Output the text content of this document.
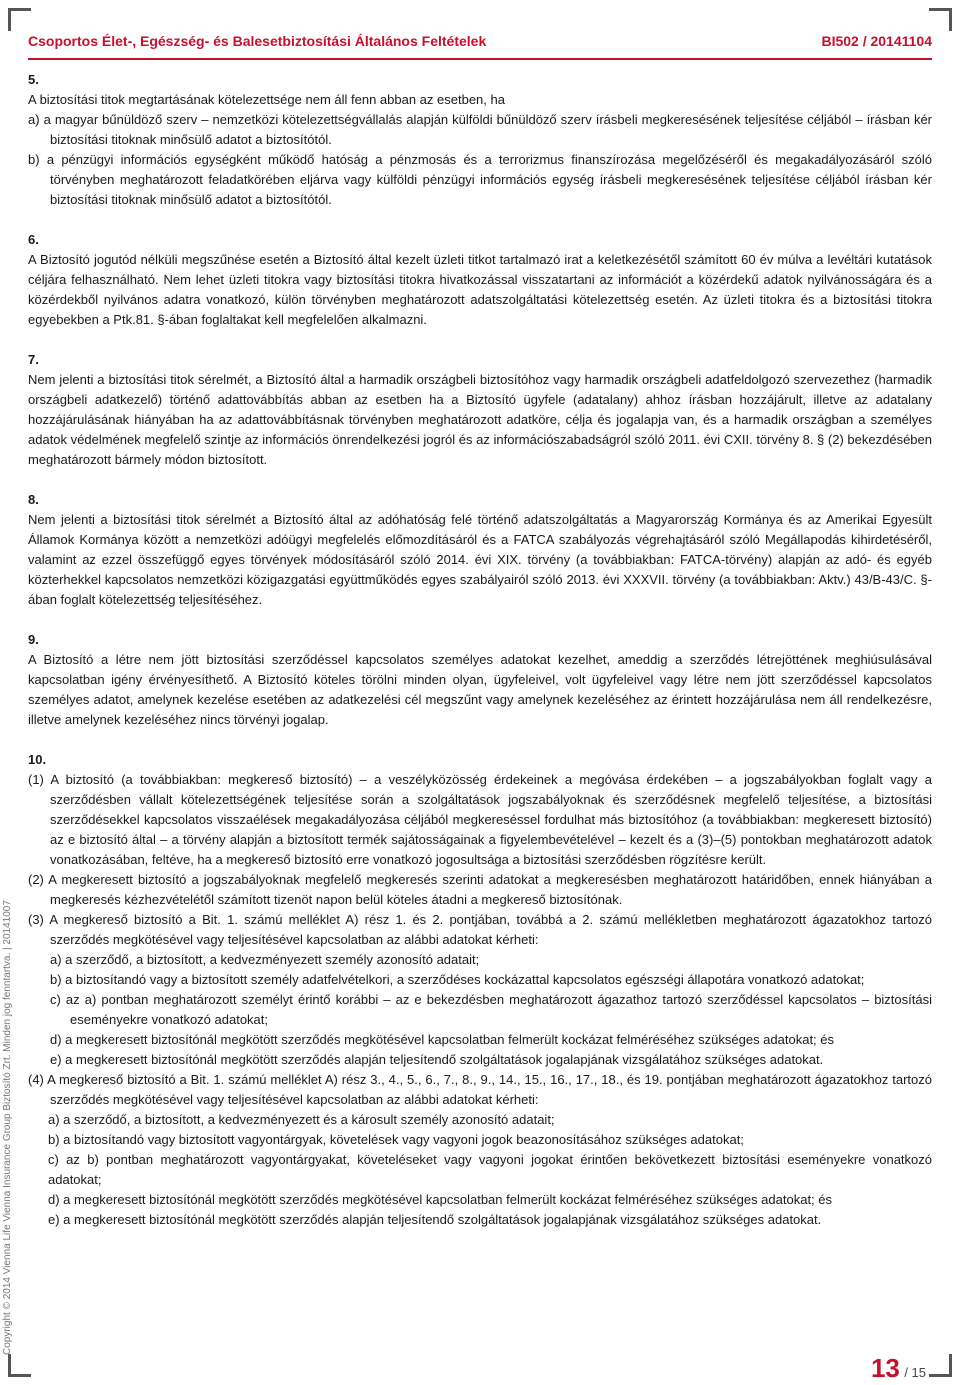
Csoportos Élet-, Egészség- és Balesetbiztosítási Általános Feltételek	BI502 / 20141104
Copyright © 2014 Vienna Life Vienna Insurance Group Biztosító Zrt. Minden jog fenntartva. | 20141007

5.

A biztosítási titok megtartásának kötelezettsége nem áll fenn abban az esetben, ha

a) a magyar bűnüldöző szerv – nemzetközi kötelezettségvállalás alapján külföldi bűnüldöző szerv írásbeli megkeresésének teljesítése céljából – írásban kér biztosítási titoknak minősülő adatot a biztosítótól.

b) a pénzügyi információs egységként működő hatóság a pénzmosás és a terrorizmus finanszírozása megelőzéséről és megakadályozásáról szóló törvényben meghatározott feladatkörében eljárva vagy külföldi pénzügyi információs egység írásbeli megkeresésének teljesítése céljából írásban kér biztosítási titoknak minősülő adatot a biztosítótól.

6.

A Biztosító jogutód nélküli megszűnése esetén a Biztosító által kezelt üzleti titkot tartalmazó irat a keletkezésétől számított 60 év múlva a levéltári kutatások céljára felhasználható. Nem lehet üzleti titokra vagy biztosítási titokra hivatkozással visszatartani az információt a közérdekű adatok nyilvánosságára és a közérdekből nyilvános adatra vonatkozó, külön törvényben meghatározott adatszolgáltatási kötelezettség esetén. Az üzleti titokra és a biztosítási titokra egyebekben a Ptk.81. §-ában foglaltakat kell megfelelően alkalmazni.

7.

Nem jelenti a biztosítási titok sérelmét, a Biztosító által a harmadik országbeli biztosítóhoz vagy harmadik országbeli adatfeldolgozó szervezethez (harmadik országbeli adatkezelő) történő adattovábbítás abban az esetben ha a Biztosító ügyfele (adatalany) ahhoz írásban hozzájárult, illetve az adatalany hozzájárulásának hiányában ha az adattovábbításnak törvényben meghatározott adatköre, célja és jogalapja van, és a harmadik országban a személyes adatok védelmének megfelelő szintje az információs önrendelkezési jogról és az információszabadságról szóló 2011. évi CXII. törvény 8. § (2) bekezdésében meghatározott bármely módon biztosított.

8.

Nem jelenti a biztosítási titok sérelmét a Biztosító által az adóhatóság felé történő adatszolgáltatás a Magyarország Kormánya és az Amerikai Egyesült Államok Kormánya között a nemzetközi adóügyi megfelelés előmozdításáról és a FATCA szabályozás végrehajtásáról szóló Megállapodás kihirdetéséről, valamint az ezzel összefüggő egyes törvények módosításáról szóló 2014. évi XIX. törvény (a továbbiakban: FATCA-törvény) alapján az adó- és egyéb közterhekkel kapcsolatos nemzetközi közigazgatási együttműködés egyes szabályairól szóló 2013. évi XXXVII. törvény (a továbbiakban: Aktv.) 43/B-43/C. §-ában foglalt kötelezettség teljesítéséhez.

9.

A Biztosító a létre nem jött biztosítási szerződéssel kapcsolatos személyes adatokat kezelhet, ameddig a szerződés létrejöttének meghiúsulásával kapcsolatban igény érvényesíthető. A Biztosító köteles törölni minden olyan, ügyfeleivel, volt ügyfeleivel vagy létre nem jött szerződéssel kapcsolatos személyes adatot, amelynek kezelése esetében az adatkezelési cél megszűnt vagy amelynek kezeléséhez az érintett hozzájárulása nem áll rendelkezésre, illetve amelynek kezeléséhez nincs törvényi jogalap.

10.

(1) A biztosító (a továbbiakban: megkereső biztosító) – a veszélyközösség érdekeinek a megóvása érdekében – a jogszabályokban foglalt vagy a szerződésben vállalt kötelezettségének teljesítése során a szolgáltatások jogszabályoknak és szerződésnek megfelelő teljesítése, a biztosítási szerződésekkel kapcsolatos visszaélések megakadályozása céljából megkereséssel fordulhat más biztosítóhoz (a továbbiakban: megkeresett biztosító) az e biztosító által – a törvény alapján a biztosított termék sajátosságainak a figyelembevételével – kezelt és a (3)–(5) pontokban meghatározott adatok vonatkozásában, feltéve, ha a megkereső biztosító erre vonatkozó jogosultsága a biztosítási szerződésben rögzítésre került.

(2) A megkeresett biztosító a jogszabályoknak megfelelő megkeresés szerinti adatokat a megkeresésben meghatározott határidőben, ennek hiányában a megkeresés kézhezvételétől számított tizenöt napon belül köteles átadni a megkereső biztosítónak.

(3) A megkereső biztosító a Bit. 1. számú melléklet A) rész 1. és 2. pontjában, továbbá a 2. számú mellékletben meghatározott ágazatokhoz tartozó szerződés megkötésével vagy teljesítésével kapcsolatban az alábbi adatokat kérheti:

a) a szerződő, a biztosított, a kedvezményezett személy azonosító adatait;

b) a biztosítandó vagy a biztosított személy adatfelvételkori, a szerződéses kockázattal kapcsolatos egészségi állapotára vonatkozó adatokat;

c) az a) pontban meghatározott személyt érintő korábbi – az e bekezdésben meghatározott ágazathoz tartozó szerződéssel kapcsolatos – biztosítási eseményekre vonatkozó adatokat;

d) a megkeresett biztosítónál megkötött szerződés megkötésével kapcsolatban felmerült kockázat felméréséhez szükséges adatokat; és

e) a megkeresett biztosítónál megkötött szerződés alapján teljesítendő szolgáltatások jogalapjának vizsgálatához szükséges adatokat.

(4) A megkereső biztosító a Bit. 1. számú melléklet A) rész 3., 4., 5., 6., 7., 8., 9., 14., 15., 16., 17., 18., és 19. pontjában meghatározott ágazatokhoz tartozó szerződés megkötésével vagy teljesítésével kapcsolatban az alábbi adatokat kérheti:

a) a szerződő, a biztosított, a kedvezményezett és a károsult személy azonosító adatait;

b) a biztosítandó vagy biztosított vagyontárgyak, követelések vagy vagyoni jogok beazonosításához szükséges adatokat;

c) az b) pontban meghatározott vagyontárgyakat, követeléseket vagy vagyoni jogokat érintően bekövetkezett biztosítási eseményekre vonatkozó adatokat;

d) a megkeresett biztosítónál megkötött szerződés megkötésével kapcsolatban felmerült kockázat felméréséhez szükséges adatokat; és

e) a megkeresett biztosítónál megkötött szerződés alapján teljesítendő szolgáltatások jogalapjának vizsgálatához szükséges adatokat.

13 / 15
